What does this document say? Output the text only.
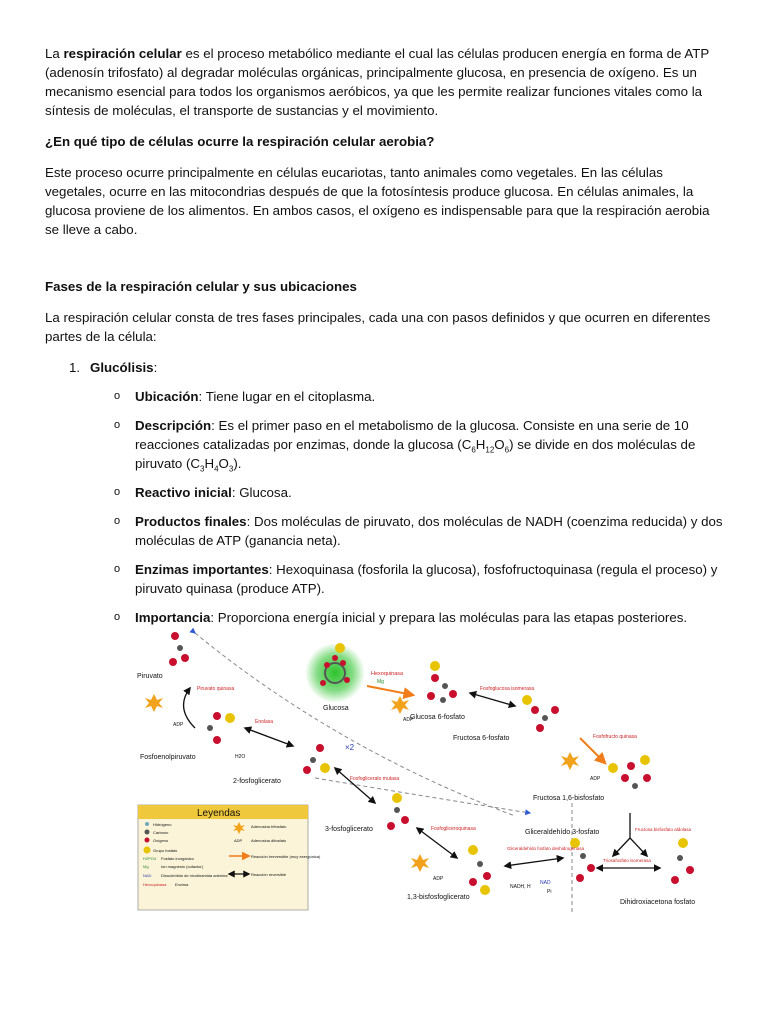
La respiración celular es el proceso metabólico mediante el cual las células producen energía en forma de ATP (adenosín trifosfato) al degradar moléculas orgánicas, principalmente glucosa, en presencia de oxígeno. Es un mecanismo esencial para todos los organismos aeróbicos, ya que les permite realizar funciones vitales como la síntesis de moléculas, el transporte de sustancias y el movimiento.

¿En qué tipo de células ocurre la respiración celular aerobia?

Este proceso ocurre principalmente en células eucariotas, tanto animales como vegetales. En las células vegetales, ocurre en las mitocondrias después de que la fotosíntesis produce glucosa. En células animales, la glucosa proviene de los alimentos. En ambos casos, el oxígeno es indispensable para que la respiración aerobia se lleve a cabo.

Fases de la respiración celular y sus ubicaciones

La respiración celular consta de tres fases principales, cada una con pasos definidos y que ocurren en diferentes partes de la célula:

1. Glucólisis:
o Ubicación: Tiene lugar en el citoplasma.
o Descripción: Es el primer paso en el metabolismo de la glucosa. Consiste en una serie de 10 reacciones catalizadas por enzimas, donde la glucosa $(C_6H_{12}O_6)$ se divide en dos moléculas de piruvato $(C_3H_4O_3)$.
o Reactivo inicial: Glucosa.
o Productos finales: Dos moléculas de piruvato, dos moléculas de NADH (coenzima reducida) y dos moléculas de ATP (ganancia neta).
o Enzimas importantes: Hexoquinasa (fosforila la glucosa), fosfofructoquinasa (regula el proceso) y piruvato quinasa (produce ATP).
o Importancia: Proporciona energía inicial y prepara las moléculas para las etapas posteriores.
Glucosa
Hexoquinasa
Mg
ADP
Glucosa 6-fosfato
Fosfoglucosa isomerasa
Fructosa 6-fosfato	Fosfofructo quinasa
ADP
Fructosa 1,6-bisfosfato
Fructosa bisfosfato aldolasa
Gliceraldehído 3-fosfato
Triosafosfato isomerasa
Dihidroxiacetona fosfato
Gliceraldehído fosfato deshidrogenasa
NADH, H
NAD
Pi
1,3-bisfosfoglicerato
Fosfogliceroquinasa
ADP
3-fosfoglicerato
Fosfoglicerato mutasa
2-fosfoglicerato
×2
Enolasa
H2O
Fosfoenolpiruvato
Piruvato quinasa
ADP
Piruvato
Leyendas
Hidrógeno
Carbono
Oxígeno
Grupo fosfato
H2PO4 Fosfato inorgánico
Mg	Ion magnesio (cofactor)
NAD Dinucleótido de nicotinamida adenina
Hexoquinasa Enzima
Adenosina trifosfato
ADP Adenosina difosfato
Reacción irreversible (muy exergónica)
Reacción reversible
